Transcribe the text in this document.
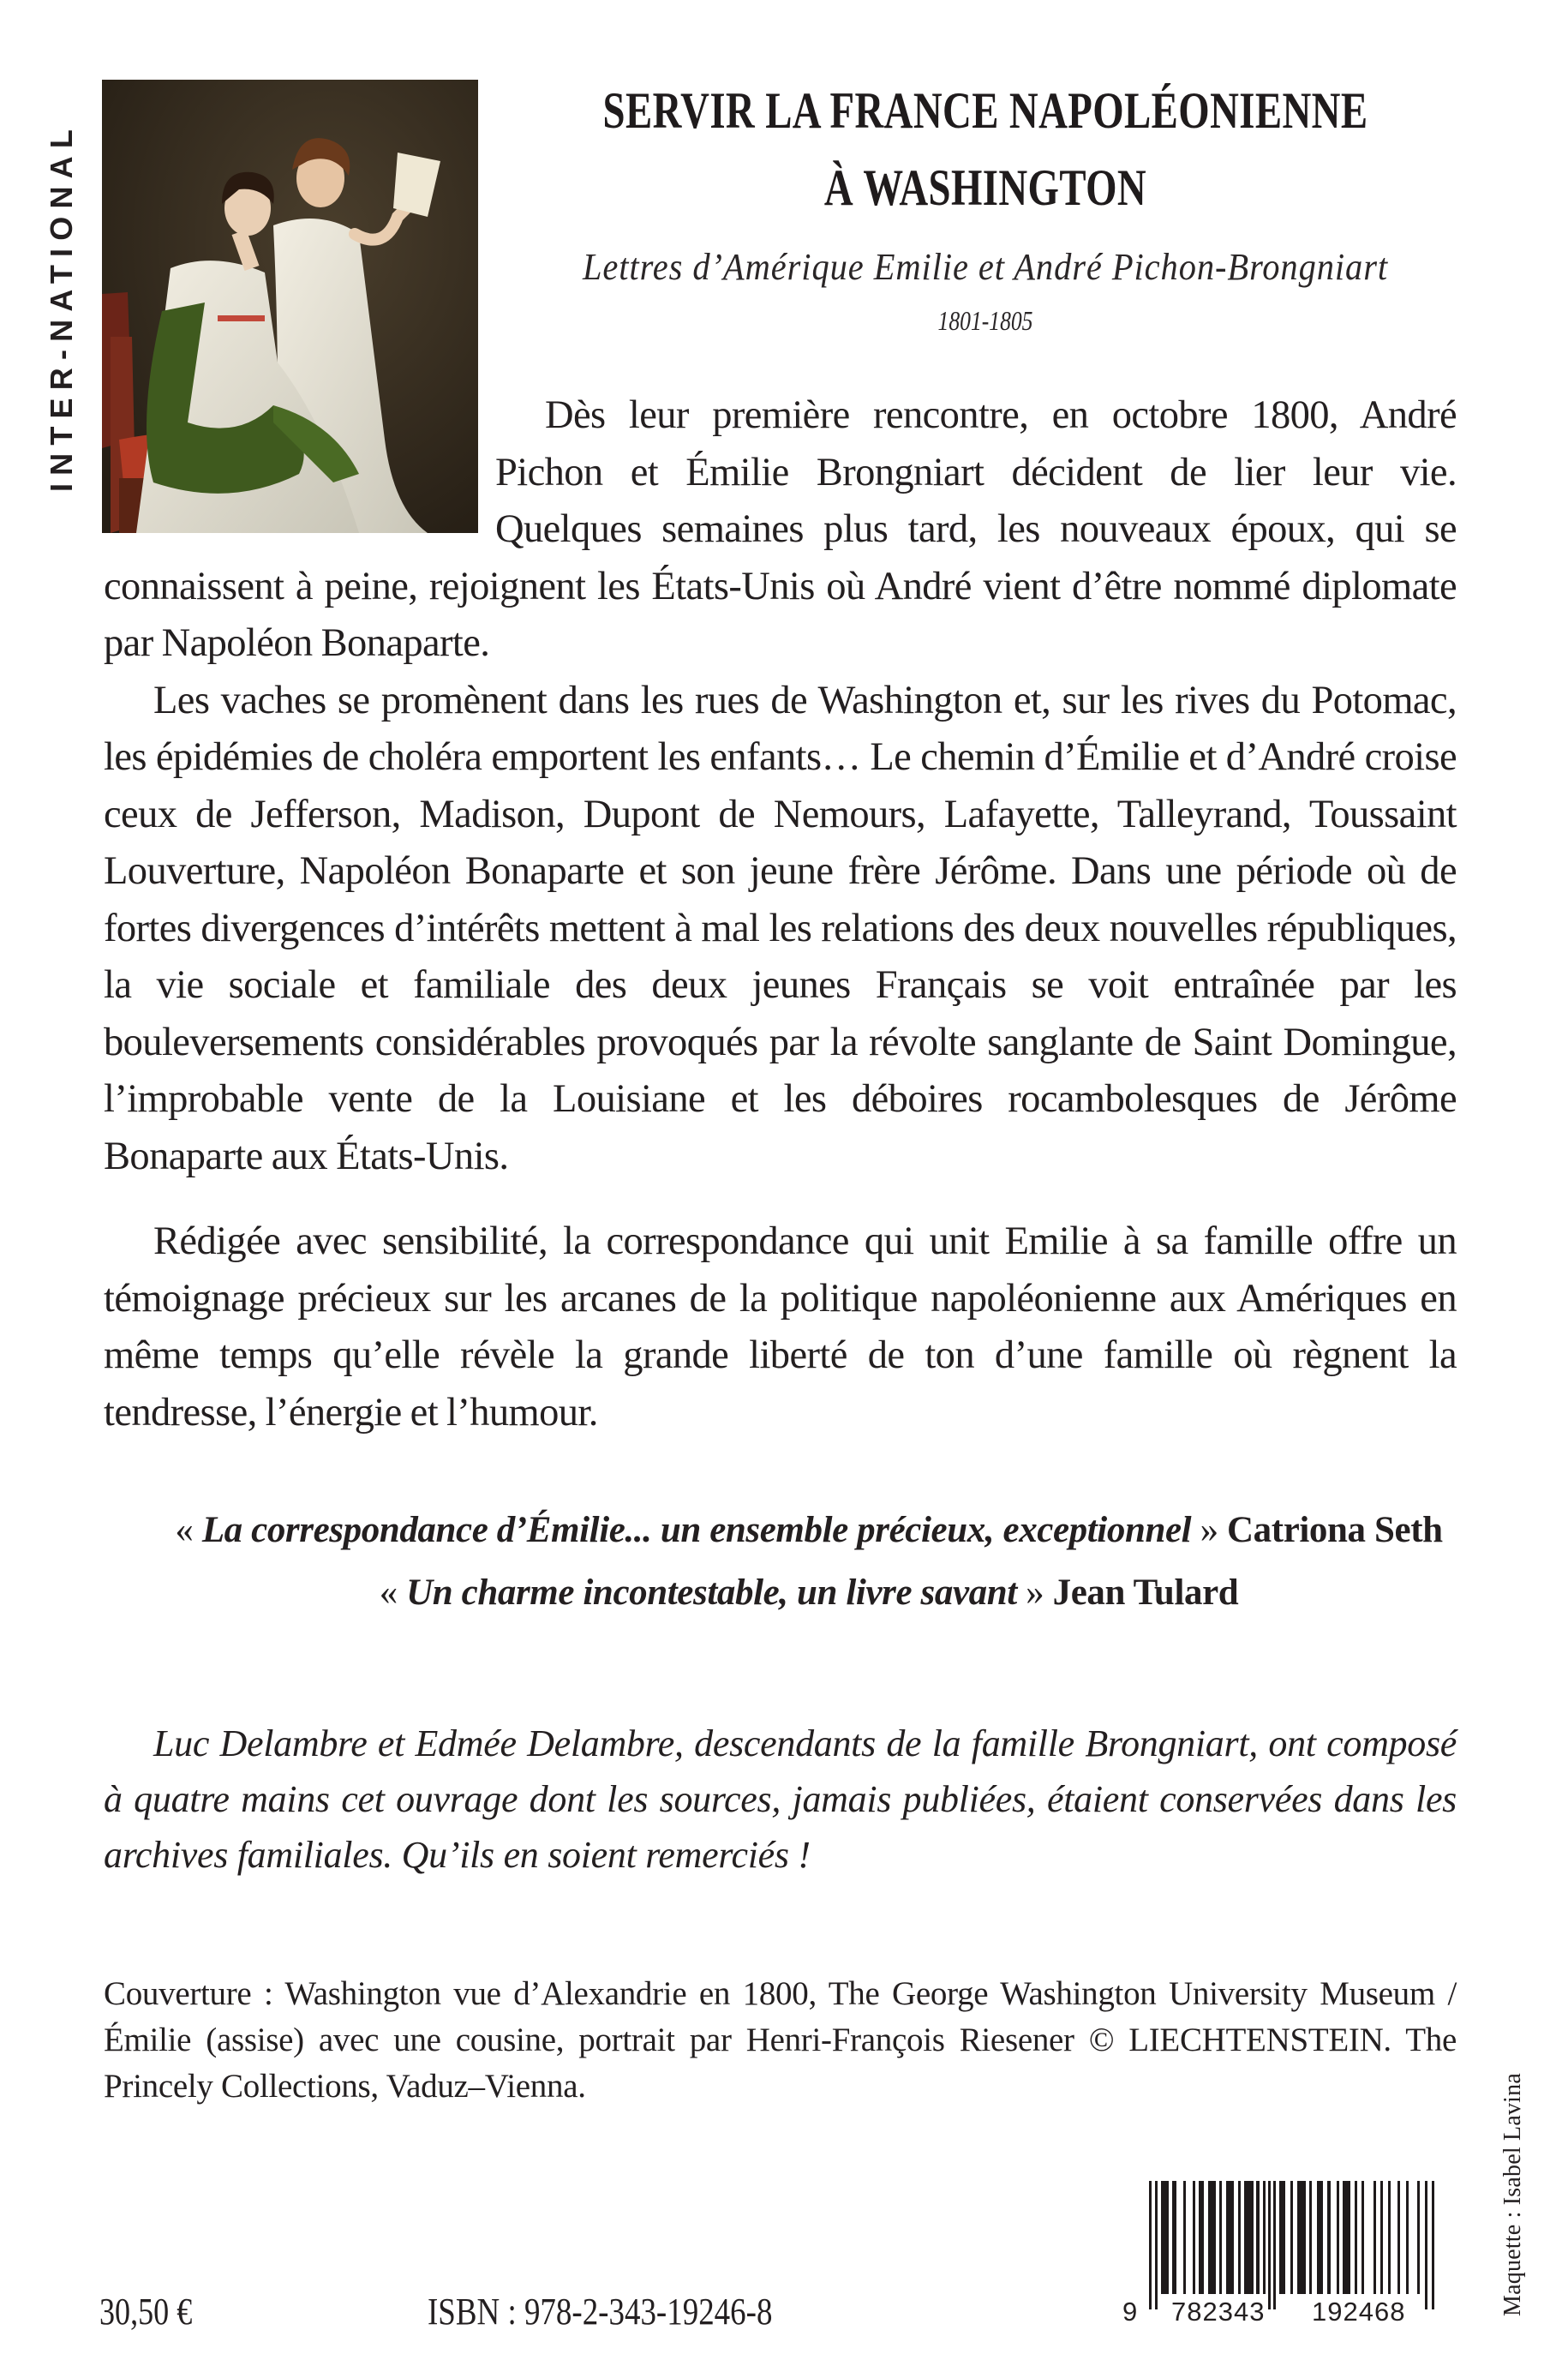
INTER-NATIONAL
SERVIR LA FRANCE NAPOLÉONIENNE
À WASHINGTON
Lettres d’Amérique Emilie et André Pichon-Brongniart
1801-1805

Dès leur première rencontre, en octobre 1800, André Pichon et Émilie Brongniart décident de lier leur vie. Quelques semaines plus tard, les nouveaux époux, qui se connaissent à peine, rejoignent les États-Unis où André vient d’être nommé diplomate par Napoléon Bonaparte.

Les vaches se promènent dans les rues de Washington et, sur les rives du Potomac, les épidémies de choléra emportent les enfants… Le chemin d’Émilie et d’André croise ceux de Jefferson, Madison, Dupont de Nemours, Lafayette, Talleyrand, Toussaint Louverture, Napoléon Bonaparte et son jeune frère Jérôme. Dans une période où de fortes divergences d’intérêts mettent à mal les relations des deux nouvelles républiques, la vie sociale et familiale des deux jeunes Français se voit entraînée par les bouleversements considérables provoqués par la révolte sanglante de Saint Domingue, l’improbable vente de la Louisiane et les déboires rocambolesques de Jérôme Bonaparte aux États-Unis.

Rédigée avec sensibilité, la correspondance qui unit Emilie à sa famille offre un témoignage précieux sur les arcanes de la politique napoléonienne aux Amériques en même temps qu’elle révèle la grande liberté de ton d’une famille où règnent la tendresse, l’énergie et l’humour.

« La correspondance d’Émilie... un ensemble précieux, exceptionnel » Catriona Seth
« Un charme incontestable, un livre savant » Jean Tulard

Luc Delambre et Edmée Delambre, descendants de la famille Brongniart, ont composé à quatre mains cet ouvrage dont les sources, jamais publiées, étaient conservées dans les archives familiales. Qu’ils en soient remerciés !

Couverture : Washington vue d’Alexandrie en 1800, The George Washington University Museum / Émilie (assise) avec une cousine, portrait par Henri-François Riesener © LIECHTENSTEIN. The Princely Collections, Vaduz–Vienna.

9 782343 192468	Maquette : Isabel Lavina
30,50 €	ISBN : 978-2-343-19246-8
